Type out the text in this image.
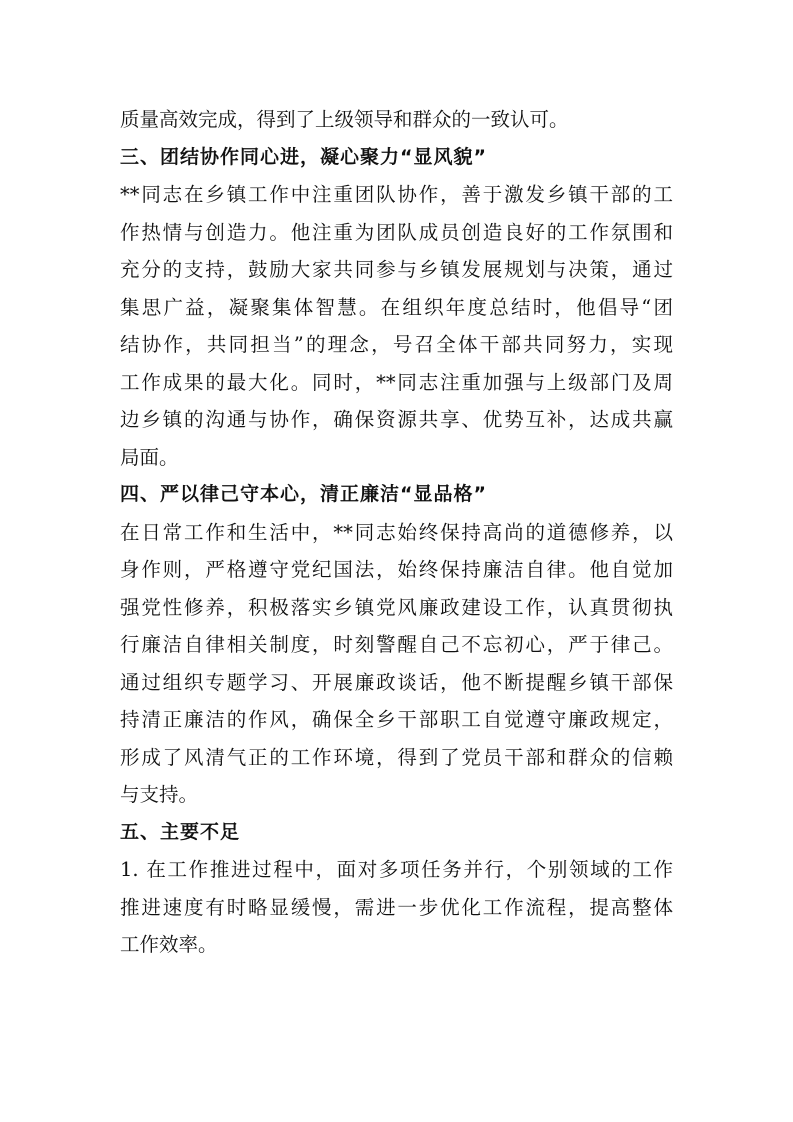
质量高效完成，得到了上级领导和群众的一致认可。
三、团结协作同心进，凝心聚力“显风貌”
**同志在乡镇工作中注重团队协作，善于激发乡镇干部的工
作热情与创造力。他注重为团队成员创造良好的工作氛围和
充分的支持，鼓励大家共同参与乡镇发展规划与决策，通过
集思广益，凝聚集体智慧。在组织年度总结时，他倡导“团
结协作，共同担当”的理念，号召全体干部共同努力，实现
工作成果的最大化。同时，**同志注重加强与上级部门及周
边乡镇的沟通与协作，确保资源共享、优势互补，达成共赢
局面。
四、严以律己守本心，清正廉洁“显品格”
在日常工作和生活中，**同志始终保持高尚的道德修养，以
身作则，严格遵守党纪国法，始终保持廉洁自律。他自觉加
强党性修养，积极落实乡镇党风廉政建设工作，认真贯彻执
行廉洁自律相关制度，时刻警醒自己不忘初心，严于律己。
通过组织专题学习、开展廉政谈话，他不断提醒乡镇干部保
持清正廉洁的作风，确保全乡干部职工自觉遵守廉政规定，
形成了风清气正的工作环境，得到了党员干部和群众的信赖
与支持。
五、主要不足
1. 在工作推进过程中，面对多项任务并行，个别领域的工作
推进速度有时略显缓慢，需进一步优化工作流程，提高整体
工作效率。
